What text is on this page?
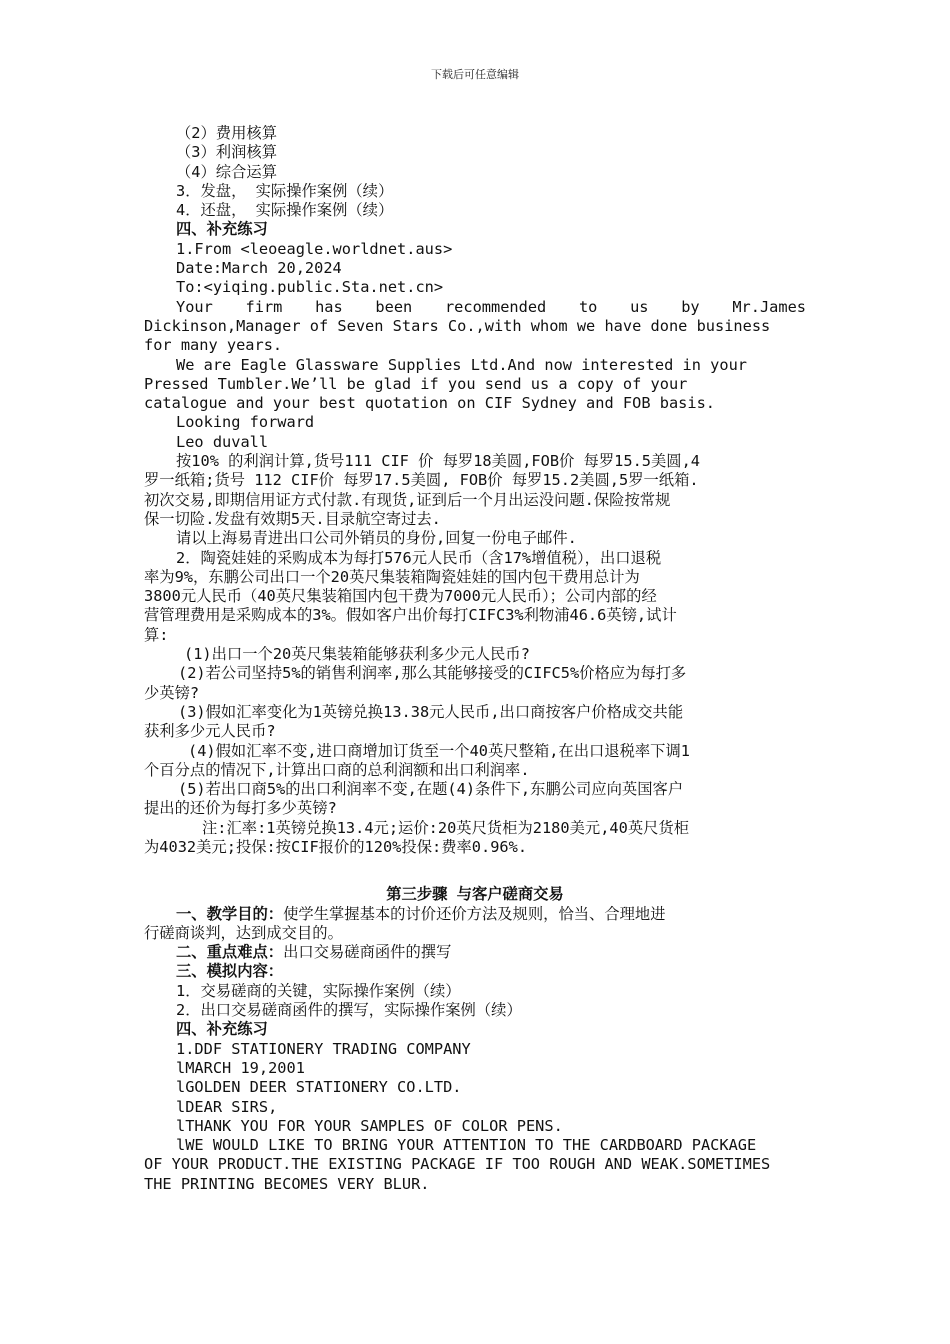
下载后可任意编辑
（2）费用核算
（3）利润核算
（4）综合运算
3．发盘， 实际操作案例（续）
4．还盘， 实际操作案例（续）
四、补充练习
1.From <leoeagle.worldnet.aus>
Date:March 20,2024
To:<yiqing.public.Sta.net.cn>
Your firm has been recommended to us by Mr.James
Dickinson,Manager of Seven Stars Co.,with whom we have done business
for many years.
We are Eagle Glassware Supplies Ltd.And now interested in your
Pressed Tumbler.We’ll be glad if you send us a copy of your
catalogue and your best quotation on CIF Sydney and FOB basis.
Looking forward
Leo duvall
按10% 的利润计算,货号111 CIF 价 每罗18美圆,FOB价 每罗15.5美圆,4
罗一纸箱;货号 112 CIF价 每罗17.5美圆, FOB价 每罗15.2美圆,5罗一纸箱.
初次交易,即期信用证方式付款.有现货,证到后一个月出运没问题.保险按常规
保一切险.发盘有效期5天.目录航空寄过去.
请以上海易青进出口公司外销员的身份,回复一份电子邮件.
2．陶瓷娃娃的采购成本为每打576元人民币（含17%增值税），出口退税
率为9%，东鹏公司出口一个20英尺集装箱陶瓷娃娃的国内包干费用总计为
3800元人民币（40英尺集装箱国内包干费为7000元人民币）；公司内部的经
营管理费用是采购成本的3%。假如客户出价每打CIFC3%利物浦46.6英镑,试计
算:
(1)出口一个20英尺集装箱能够获利多少元人民币?
(2)若公司坚持5%的销售利润率,那么其能够接受的CIFC5%价格应为每打多
少英镑?
(3)假如汇率变化为1英镑兑换13.38元人民币,出口商按客户价格成交共能
获利多少元人民币?
(4)假如汇率不变,进口商增加订货至一个40英尺整箱,在出口退税率下调1
个百分点的情况下,计算出口商的总利润额和出口利润率.
(5)若出口商5%的出口利润率不变,在题(4)条件下,东鹏公司应向英国客户
提出的还价为每打多少英镑?
注:汇率:1英镑兑换13.4元;运价:20英尺货柜为2180美元,40英尺货柜
为4032美元;投保:按CIF报价的120%投保:费率0.96%.
第三步骤 与客户磋商交易
一、教学目的：使学生掌握基本的讨价还价方法及规则，恰当、合理地进
行磋商谈判，达到成交目的。
二、重点难点：出口交易磋商函件的撰写
三、模拟内容：
1．交易磋商的关键，实际操作案例（续）
2．出口交易磋商函件的撰写，实际操作案例（续）
四、补充练习
1.DDF STATIONERY TRADING COMPANY
lMARCH 19,2001
lGOLDEN DEER STATIONERY CO.LTD.
lDEAR SIRS,
lTHANK YOU FOR YOUR SAMPLES OF COLOR PENS.
lWE WOULD LIKE TO BRING YOUR ATTENTION TO THE CARDBOARD PACKAGE
OF YOUR PRODUCT.THE EXISTING PACKAGE IF TOO ROUGH AND WEAK.SOMETIMES
THE PRINTING BECOMES VERY BLUR.
